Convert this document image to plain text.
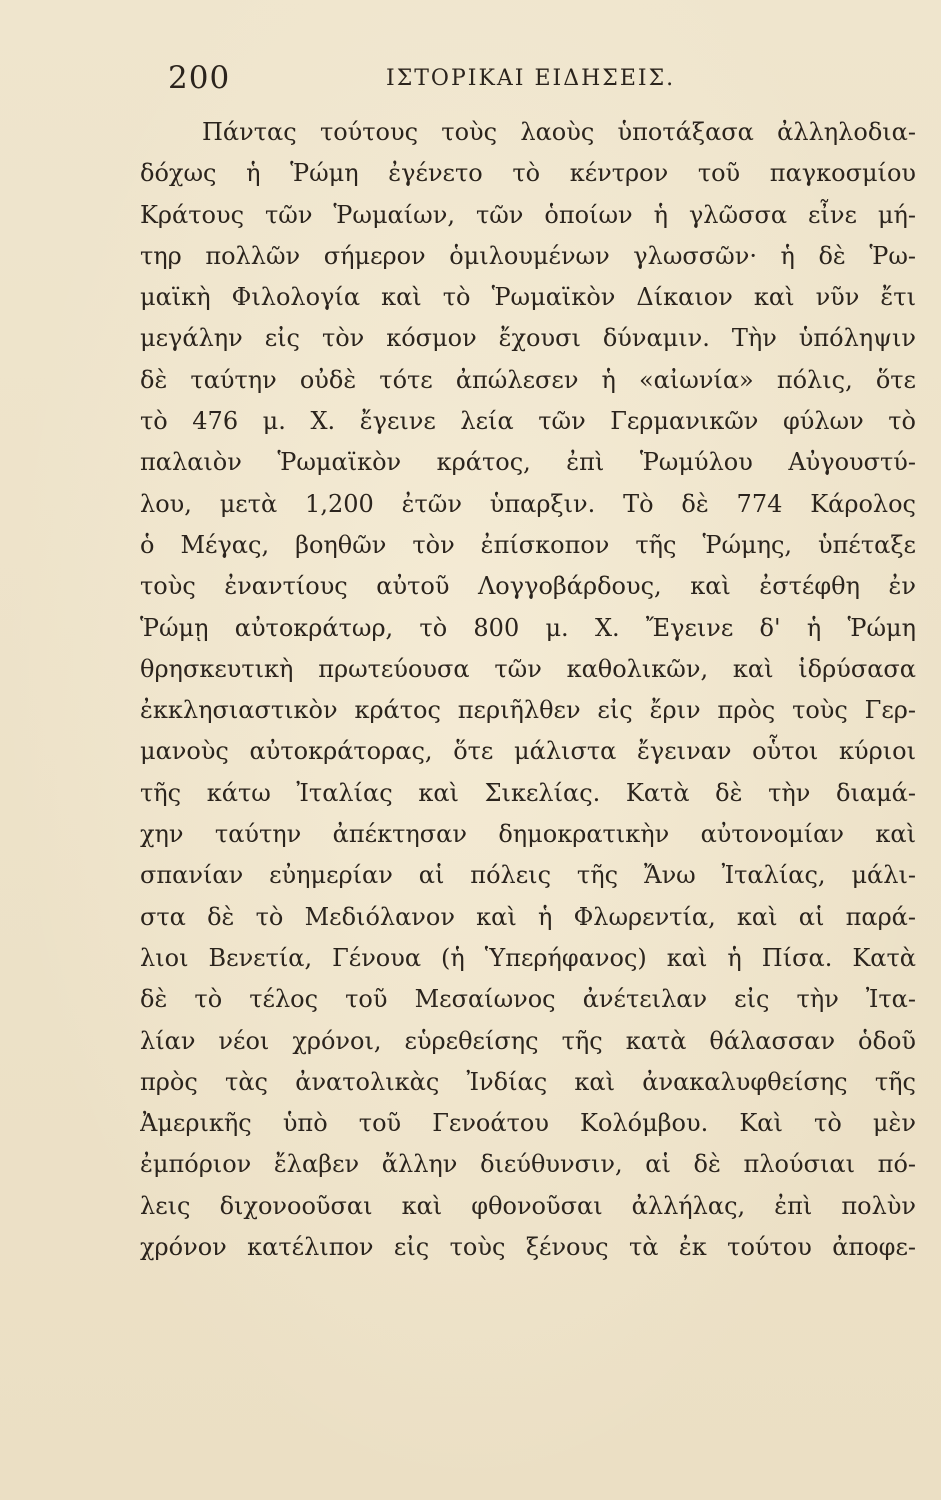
200	ΙΣΤΟΡΙΚΑΙ ΕΙΔΗΣΕΙΣ.
Πάντας τούτους τοὺς λαοὺς ὑποτάξασα ἀλληλοδια-
δόχως ἡ Ῥώμη ἐγένετο τὸ κέντρον τοῦ παγκοσμίου
Κράτους τῶν Ῥωμαίων, τῶν ὁποίων ἡ γλῶσσα εἶνε μή-
τηρ πολλῶν σήμερον ὁμιλουμένων γλωσσῶν· ἡ δὲ Ῥω-
μαϊκὴ Φιλολογία καὶ τὸ Ῥωμαϊκὸν Δίκαιον καὶ νῦν ἔτι
μεγάλην εἰς τὸν κόσμον ἔχουσι δύναμιν. Τὴν ὑπόληψιν
δὲ ταύτην οὐδὲ τότε ἀπώλεσεν ἡ «αἰωνία» πόλις, ὅτε
τὸ 476 μ. Χ. ἔγεινε λεία τῶν Γερμανικῶν φύλων τὸ
παλαιὸν Ῥωμαϊκὸν κράτος, ἐπὶ Ῥωμύλου Αὐγουστύ-
λου, μετὰ 1,200 ἐτῶν ὑπαρξιν. Τὸ δὲ 774 Κάρολος
ὁ Μέγας, βοηθῶν τὸν ἐπίσκοπον τῆς Ῥώμης, ὑπέταξε
τοὺς ἐναντίους αὐτοῦ Λογγοβάρδους, καὶ ἐστέφθη ἐν
Ῥώμῃ αὐτοκράτωρ, τὸ 800 μ. Χ. Ἔγεινε δ' ἡ Ῥώμη
θρησκευτικὴ πρωτεύουσα τῶν καθολικῶν, καὶ ἱδρύσασα
ἐκκλησιαστικὸν κράτος περιῆλθεν εἰς ἔριν πρὸς τοὺς Γερ-
μανοὺς αὐτοκράτορας, ὅτε μάλιστα ἔγειναν οὗτοι κύριοι
τῆς κάτω Ἰταλίας καὶ Σικελίας. Κατὰ δὲ τὴν διαμά-
χην ταύτην ἀπέκτησαν δημοκρατικὴν αὐτονομίαν καὶ
σπανίαν εὐημερίαν αἱ πόλεις τῆς Ἄνω Ἰταλίας, μάλι-
στα δὲ τὸ Μεδιόλανον καὶ ἡ Φλωρεντία, καὶ αἱ παρά-
λιοι Βενετία, Γένουα (ἡ Ὑπερήφανος) καὶ ἡ Πίσα. Κατὰ
δὲ τὸ τέλος τοῦ Μεσαίωνος ἀνέτειλαν εἰς τὴν Ἰτα-
λίαν νέοι χρόνοι, εὑρεθείσης τῆς κατὰ θάλασσαν ὁδοῦ
πρὸς τὰς ἀνατολικὰς Ἰνδίας καὶ ἀνακαλυφθείσης τῆς
Ἀμερικῆς ὑπὸ τοῦ Γενοάτου Κολόμβου. Καὶ τὸ μὲν
ἐμπόριον ἔλαβεν ἄλλην διεύθυνσιν, αἱ δὲ πλούσιαι πό-
λεις διχονοοῦσαι καὶ φθονοῦσαι ἀλλήλας, ἐπὶ πολὺν
χρόνον κατέλιπον εἰς τοὺς ξένους τὰ ἐκ τούτου ἀποφε-
